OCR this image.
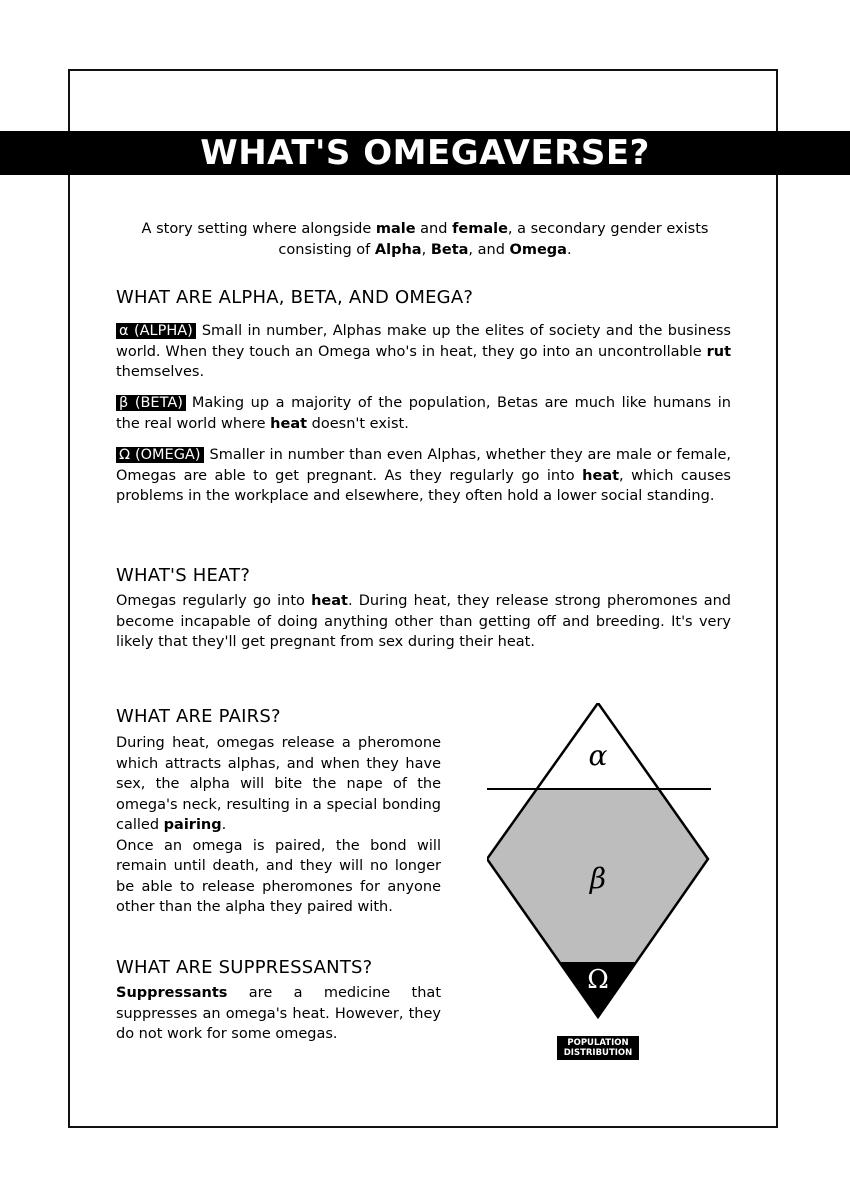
WHAT'S OMEGAVERSE?

A story setting where alongside male and female, a secondary gender exists consisting of Alpha, Beta, and Omega.

WHAT ARE ALPHA, BETA, AND OMEGA?

α (ALPHA) Small in number, Alphas make up the elites of society and the business world. When they touch an Omega who's in heat, they go into an uncontrollable rut themselves.

β (BETA) Making up a majority of the population, Betas are much like humans in the real world where heat doesn't exist.

Ω (OMEGA) Smaller in number than even Alphas, whether they are male or female, Omegas are able to get pregnant. As they regularly go into heat, which causes problems in the workplace and elsewhere, they often hold a lower social standing.

WHAT'S HEAT?

Omegas regularly go into heat. During heat, they release strong pheromones and become incapable of doing anything other than getting off and breeding. It's very likely that they'll get pregnant from sex during their heat.

WHAT ARE PAIRS?

During heat, omegas release a pheromone which attracts alphas, and when they have sex, the alpha will bite the nape of the omega's neck, resulting in a special bonding called pairing.
Once an omega is paired, the bond will remain until death, and they will no longer be able to release pheromones for anyone other than the alpha they paired with.

WHAT ARE SUPPRESSANTS?

Suppressants are a medicine that suppresses an omega's heat. However, they do not work for some omegas.

α
β
Ω
POPULATION
DISTRIBUTION
